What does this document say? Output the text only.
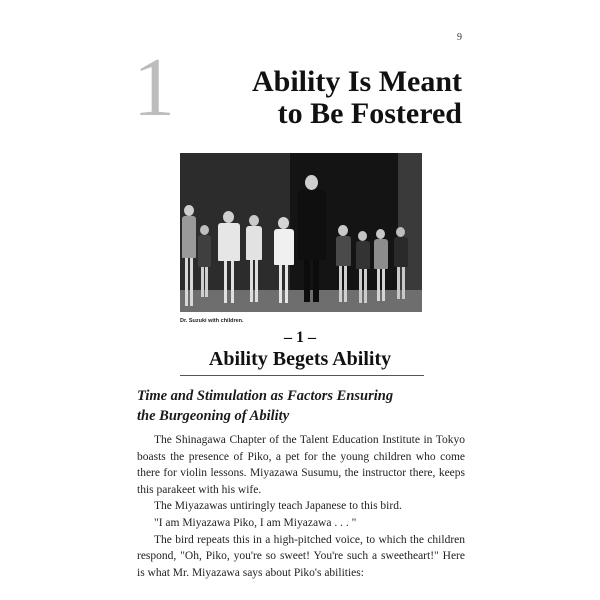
9
1	Ability Is Meant
to Be Fostered
Dr. Suzuki with children.
– 1 –
Ability Begets Ability
Time and Stimulation as Factors Ensuring
the Burgeoning of Ability

The Shinagawa Chapter of the Talent Education Institute in Tokyo boasts the presence of Piko, a pet for the young children who come there for violin lessons. Miyazawa Susumu, the instructor there, keeps this parakeet with his wife.

The Miyazawas untiringly teach Japanese to this bird.

"I am Miyazawa Piko, I am Miyazawa . . . "

The bird repeats this in a high-pitched voice, to which the children respond, "Oh, Piko, you're so sweet! You're such a sweetheart!" Here is what Mr. Miyazawa says about Piko's abilities:
